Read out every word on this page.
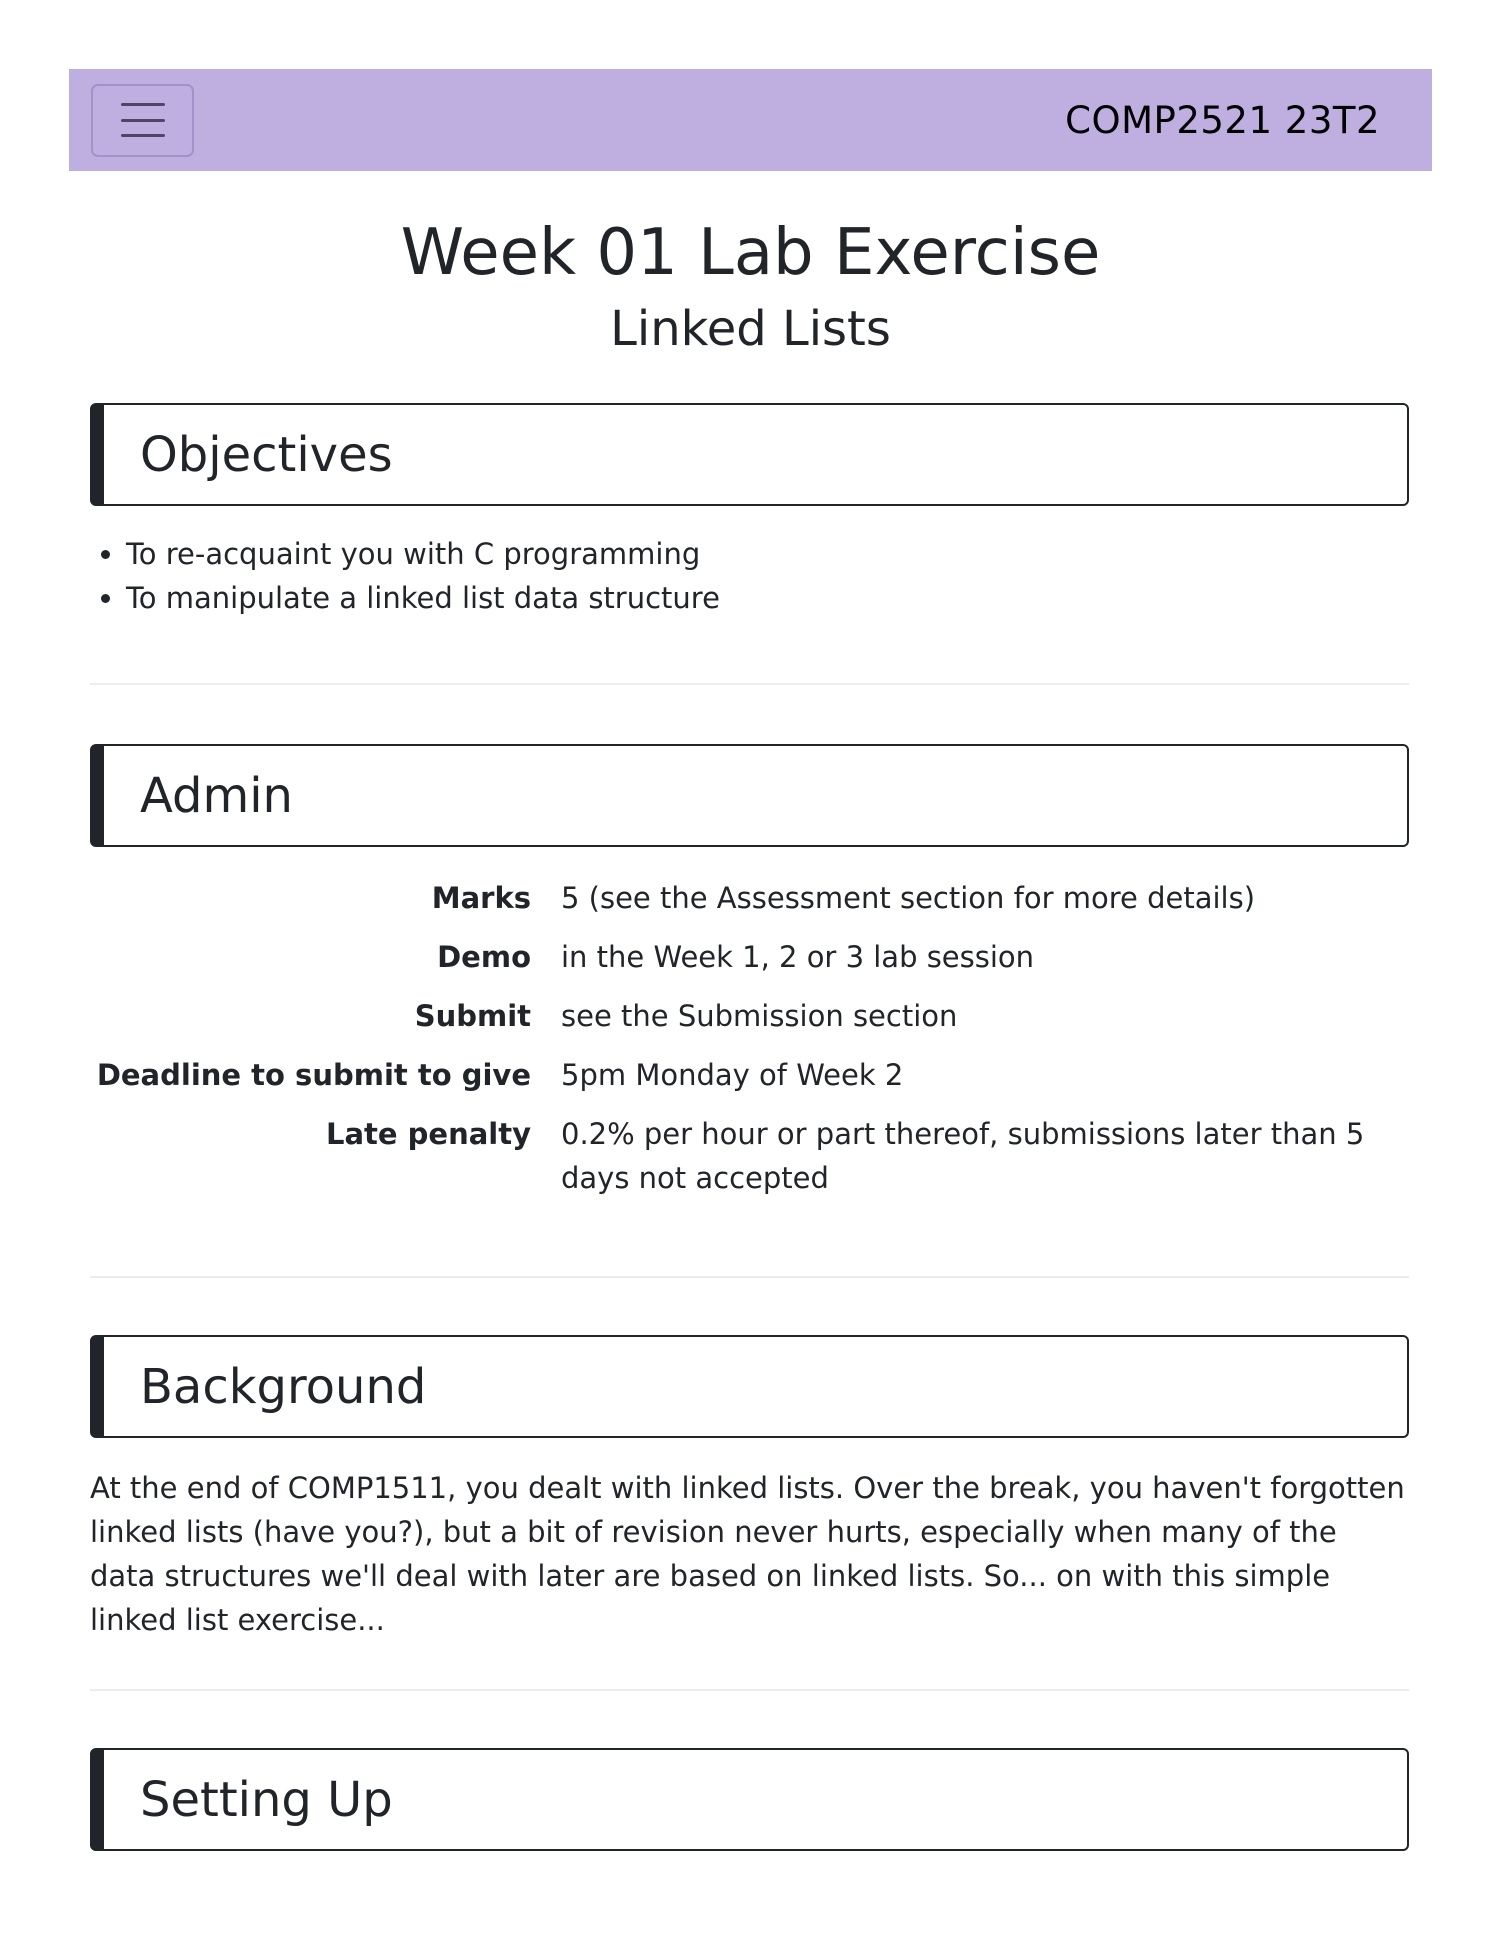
COMP2521 23T2
Week 01 Lab Exercise
Linked Lists
Objectives
• To re-acquaint you with C programming
• To manipulate a linked list data structure
Admin
Marks	5 (see the Assessment section for more details)
Demo	in the Week 1, 2 or 3 lab session
Submit	see the Submission section
Deadline to submit to give	5pm Monday of Week 2
Late penalty	0.2% per hour or part thereof, submissions later than 5 days not accepted
Background

At the end of COMP1511, you dealt with linked lists. Over the break, you haven't forgotten linked lists (have you?), but a bit of revision never hurts, especially when many of the data structures we'll deal with later are based on linked lists. So... on with this simple linked list exercise...

Setting Up
